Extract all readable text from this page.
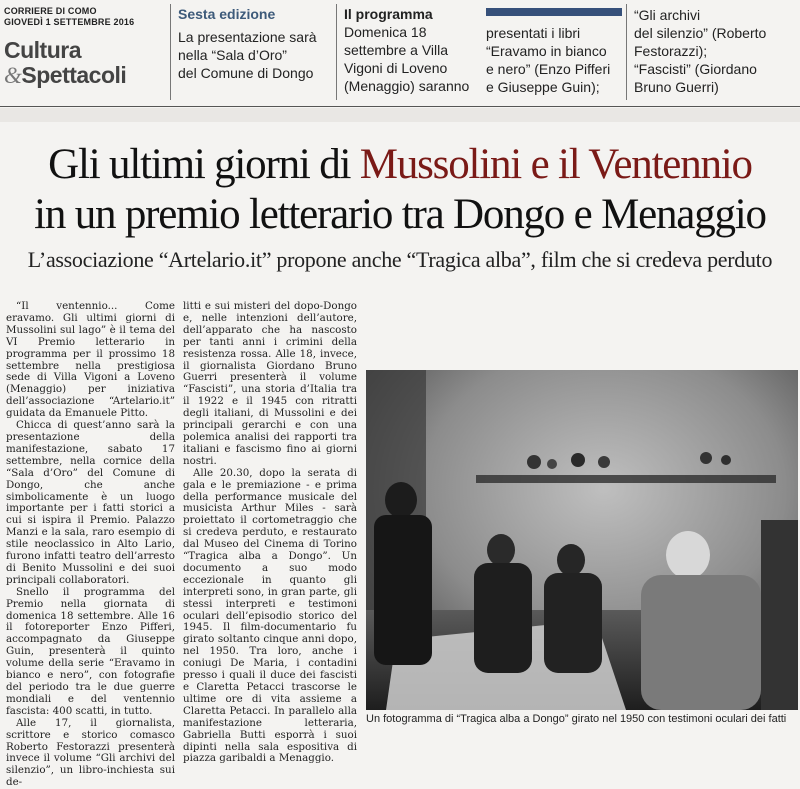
CORRIERE DI COMO
GIOVEDÌ 1 SETTEMBRE 2016
Cultura
&Spettacoli
Sesta edizione
La presentazione sarà
nella “Sala d’Oro”
del Comune di Dongo
Il programma
Domenica 18
settembre a Villa
Vigoni di Loveno
(Menaggio) saranno
presentati i libri
“Eravamo in bianco
e nero” (Enzo Pifferi
e Giuseppe Guin);
“Gli archivi
del silenzio” (Roberto
Festorazzi);
“Fascisti” (Giordano
Bruno Guerri)
Gli ultimi giorni di Mussolini e il Ventennio
in un premio letterario tra Dongo e Menaggio
L’associazione “Artelario.it” propone anche “Tragica alba”, film che si credeva perduto

“Il ventennio... Come eravamo. Gli ultimi giorni di Mussolini sul lago” è il tema del VI Premio letterario in programma per il prossimo 18 settembre nella prestigiosa sede di Villa Vigoni a Loveno (Menaggio) per iniziativa dell’associazione “Artelario.it” guidata da Emanuele Pitto.

Chicca di quest’anno sarà la presentazione della manifestazione, sabato 17 settembre, nella cornice della “Sala d’Oro” del Comune di Dongo, che anche simbolicamente è un luogo importante per i fatti storici a cui si ispira il Premio. Palazzo Manzi e la sala, raro esempio di stile neoclassico in Alto Lario, furono infatti teatro dell’arresto di Benito Mussolini e dei suoi principali collaboratori.

Snello il programma del Premio nella giornata di domenica 18 settembre. Alle 16 il fotoreporter Enzo Pifferi, accompagnato da Giuseppe Guin, presenterà il quinto volume della serie “Eravamo in bianco e nero”, con fotografie del periodo tra le due guerre mondiali e del ventennio fascista: 400 scatti, in tutto.

Alle 17, il giornalista, scrittore e storico comasco Roberto Festorazzi presenterà invece il volume “Gli archivi del silenzio”, un libro-inchiesta sui de-

litti e sui misteri del dopo-Dongo e, nelle intenzioni dell’autore, dell’apparato che ha nascosto per tanti anni i crimini della resistenza rossa. Alle 18, invece, il giornalista Giordano Bruno Guerri presenterà il volume “Fascisti”, una storia d’Italia tra il 1922 e il 1945 con ritratti degli italiani, di Mussolini e dei principali gerarchi e con una polemica analisi dei rapporti tra italiani e fascismo fino ai giorni nostri.

Alle 20.30, dopo la serata di gala e le premiazione - e prima della performance musicale del musicista Arthur Miles - sarà proiettato il cortometraggio che si credeva perduto, e restaurato dal Museo del Cinema di Torino “Tragica alba a Dongo”. Un documento a suo modo eccezionale in quanto gli interpreti sono, in gran parte, gli stessi interpreti e testimoni oculari dell’episodio storico del 1945. Il film-documentario fu girato soltanto cinque anni dopo, nel 1950. Tra loro, anche i coniugi De Maria, i contadini presso i quali il duce dei fascisti e Claretta Petacci trascorse le ultime ore di vita assieme a Claretta Petacci. In parallelo alla manifestazione letteraria, Gabriella Butti esporrà i suoi dipinti nella sala espositiva di piazza garibaldi a Menaggio.

Un fotogramma di “Tragica alba a Dongo” girato nel 1950 con testimoni oculari dei fatti
